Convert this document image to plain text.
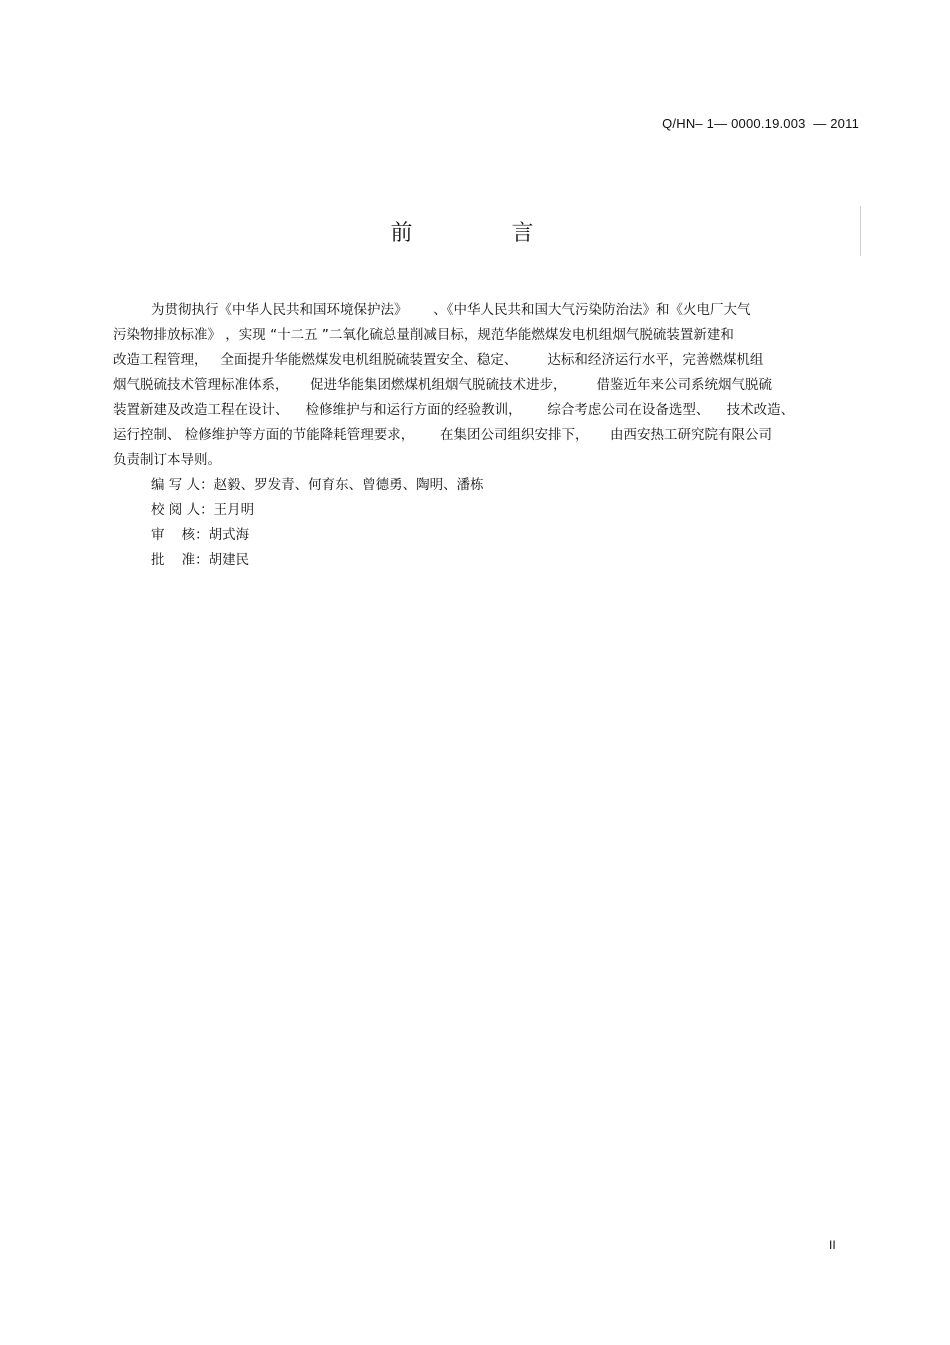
Q/HN– 1— 0000.19.003  — 2011
前 言
为贯彻执行《中华人民共和国环境保护法》      、《中华人民共和国大气污染防治法》和《火电厂大气
污染物排放标准》 ，实现 “十二五 ”二氧化硫总量削减目标，规范华能燃煤发电机组烟气脱硫装置新建和
改造工程管理，   全面提升华能燃煤发电机组脱硫装置安全、稳定、       达标和经济运行水平，完善燃煤机组
烟气脱硫技术管理标准体系，     促进华能集团燃煤机组烟气脱硫技术进步，       借鉴近年来公司系统烟气脱硫
装置新建及改造工程在设计、    检修维护与和运行方面的经验教训，      综合考虑公司在设备选型、    技术改造、
运行控制、 检修维护等方面的节能降耗管理要求，      在集团公司组织安排下，     由西安热工研究院有限公司
负责制订本导则。
编 写 人：赵毅、罗发青、何育东、曾德勇、陶明、潘栋
校 阅 人：王月明
审    核：胡式海
批    准：胡建民
II
